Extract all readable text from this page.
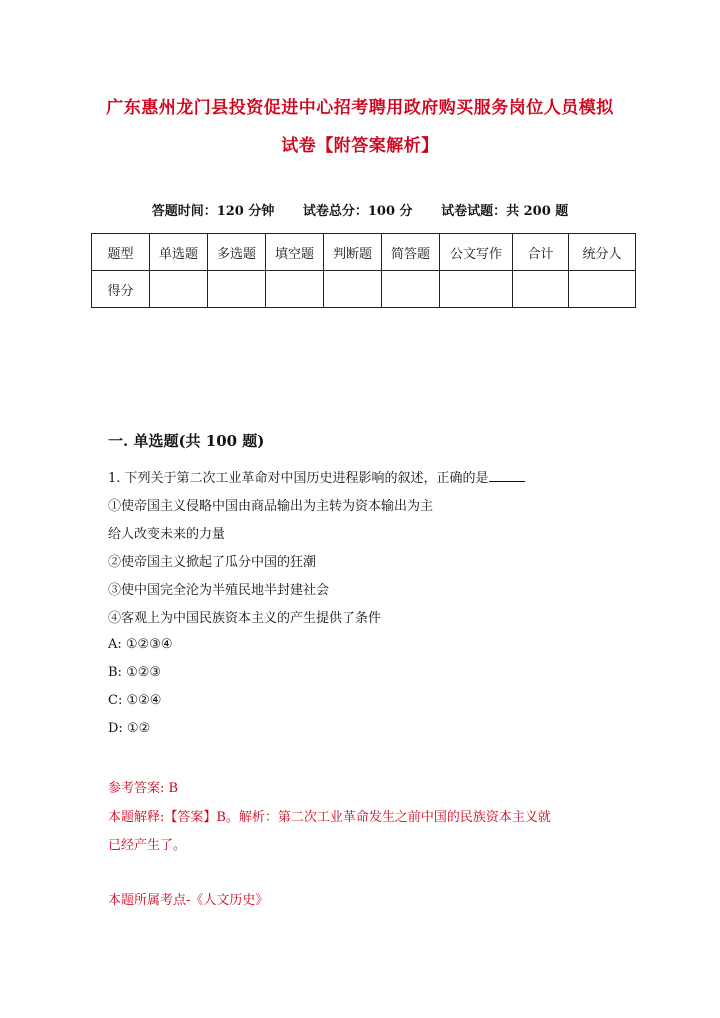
广东惠州龙门县投资促进中心招考聘用政府购买服务岗位人员模拟
试卷【附答案解析】
答题时间：120 分钟 试卷总分：100 分 试卷试题：共 200 题
题型	单选题	多选题	填空题	判断题	简答题	公文写作	合计	统分人
得分								
一. 单选题(共 100 题)
1. 下列关于第二次工业革命对中国历史进程影响的叙述，正确的是
①使帝国主义侵略中国由商品输出为主转为资本输出为主
给人改变未来的力量
②使帝国主义掀起了瓜分中国的狂潮
③使中国完全沦为半殖民地半封建社会
④客观上为中国民族资本主义的产生提供了条件
A: ①②③④
B: ①②③
C: ①②④
D: ①②
参考答案: B
本题解释:【答案】B。解析：第二次工业革命发生之前中国的民族资本主义就
已经产生了。
本题所属考点-《人文历史》
